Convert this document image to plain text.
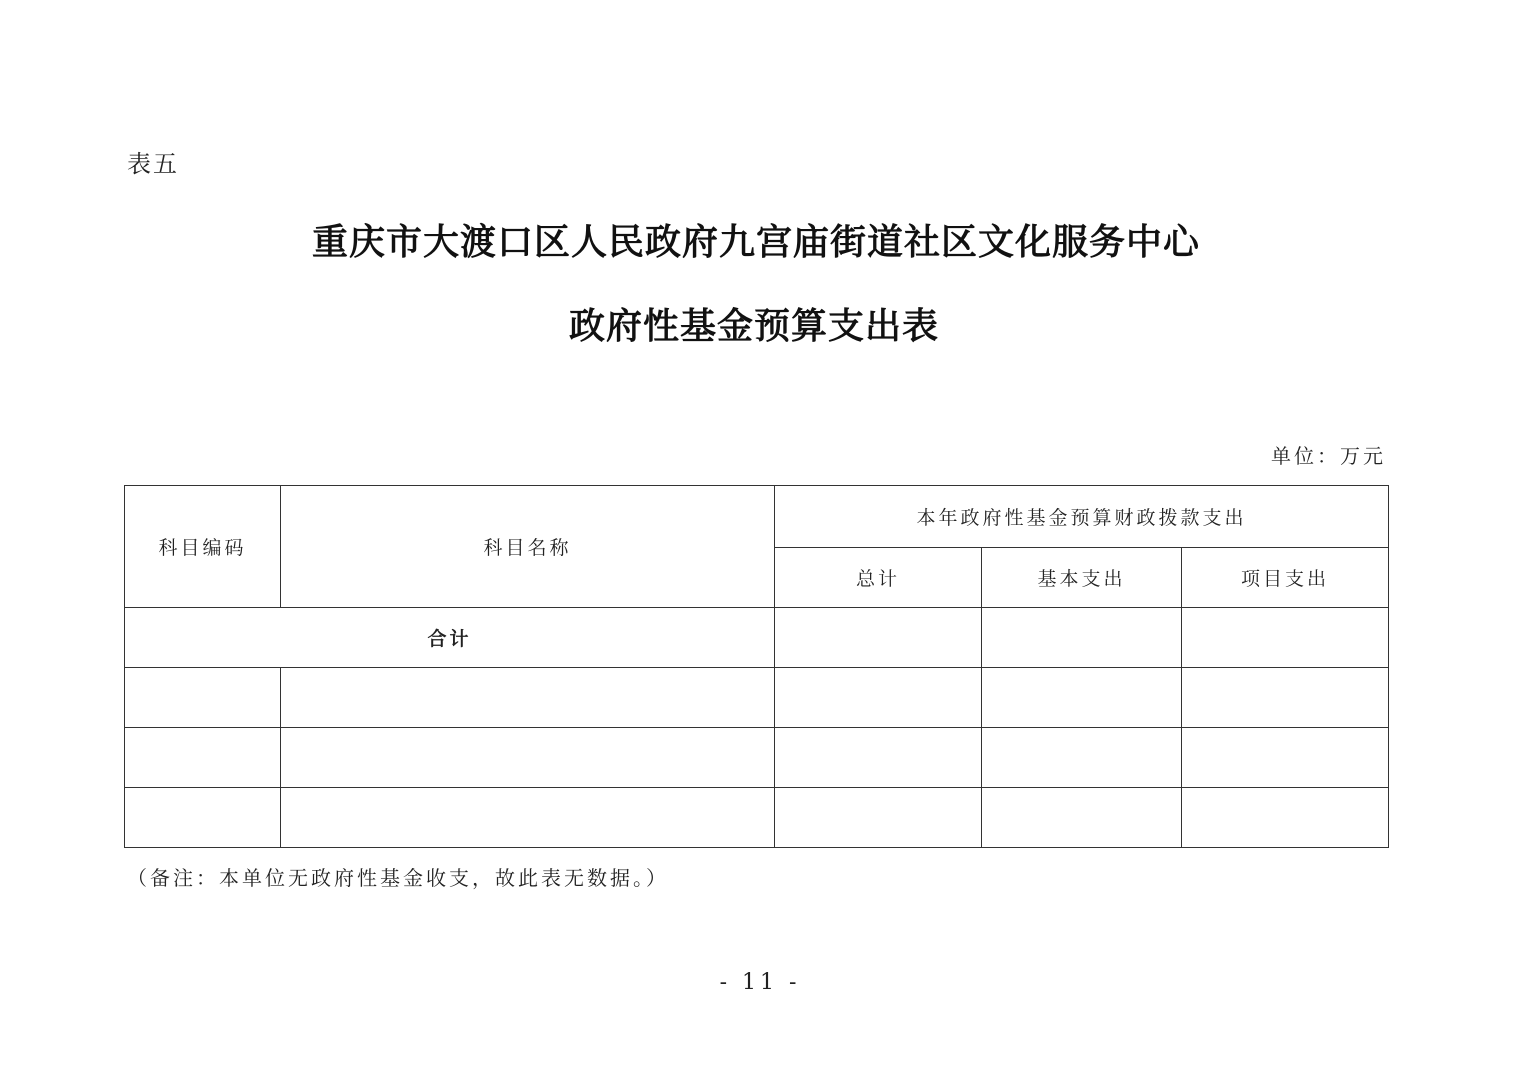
表五
重庆市大渡口区人民政府九宫庙街道社区文化服务中心
政府性基金预算支出表
单位：万元
科目编码	科目名称	本年政府性基金预算财政拨款支出		
		总计	基本支出	项目支出
合计				

（备注：本单位无政府性基金收支，故此表无数据。）
- 11 -
